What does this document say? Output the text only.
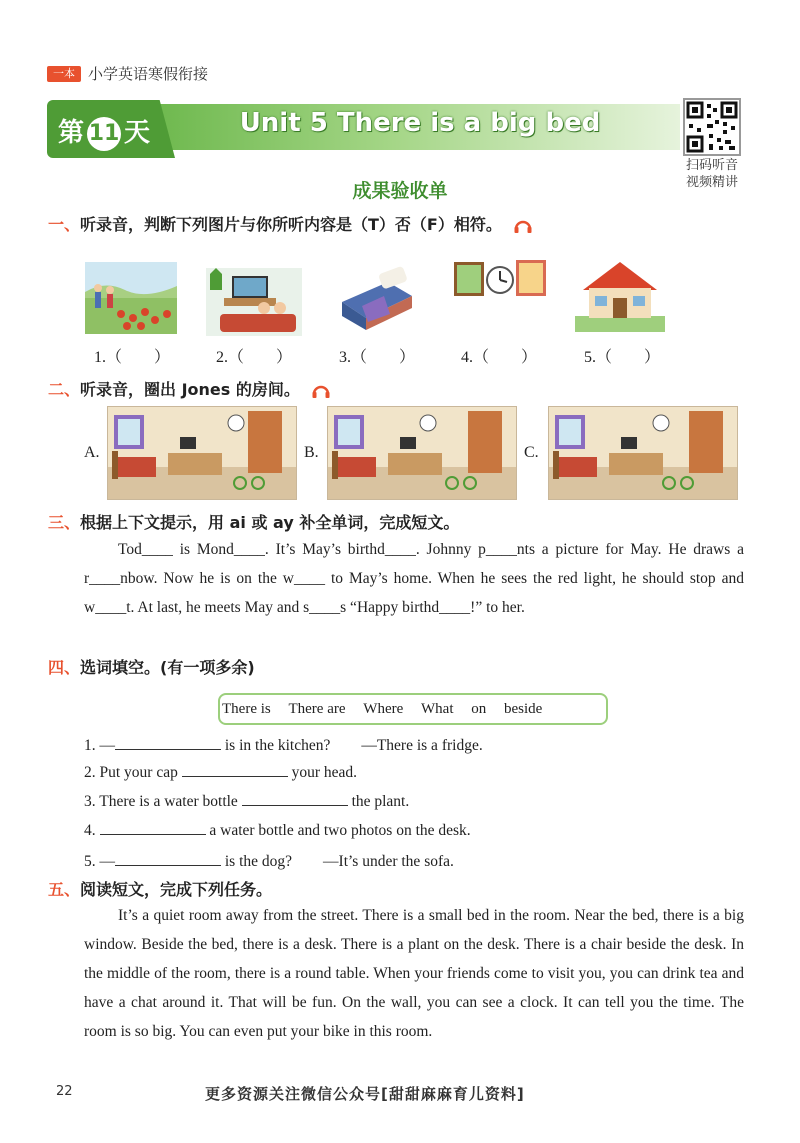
一本 小学英语寒假衔接
第 11 天	Unit 5 There is a big bed
扫码听音
视频精讲
成果验收单
一、听录音，判断下列图片与你所听内容是（T）否（F）相符。
1.（　　）	2.（　　）	3.（　　）	4.（　　）	5.（　　）
二、听录音，圈出 Jones 的房间。
A.	B.	C.
三、根据上下文提示，用 ai 或 ay 补全单词，完成短文。
Tod____ is Mond____. It’s May’s birthd____. Johnny p____nts a picture for May. He draws a r____nbow. Now he is on the w____ to May’s home. When he sees the red light, he should stop and w____t. At last, he meets May and s____s “Happy birthd____!” to her.
四、选词填空。(有一项多余)
There is There are Where What on beside
1. —	is in the kitchen?　　—There is a fridge.
2. Put your cap	your head.
3. There is a water bottle	the plant.
4.	a water bottle and two photos on the desk.
5. —	is the dog?　　—It’s under the sofa.
五、阅读短文，完成下列任务。
It’s a quiet room away from the street. There is a small bed in the room. Near the bed, there is a big window. Beside the bed, there is a desk. There is a plant on the desk. There is a chair beside the desk. In the middle of the room, there is a round table. When your friends come to visit you, you can drink tea and have a chat around it. That will be fun. On the wall, you can see a clock. It can tell you the time. The room is so big. You can even put your bike in this room.
22	更多资源关注微信公众号[甜甜麻麻育儿资料]
